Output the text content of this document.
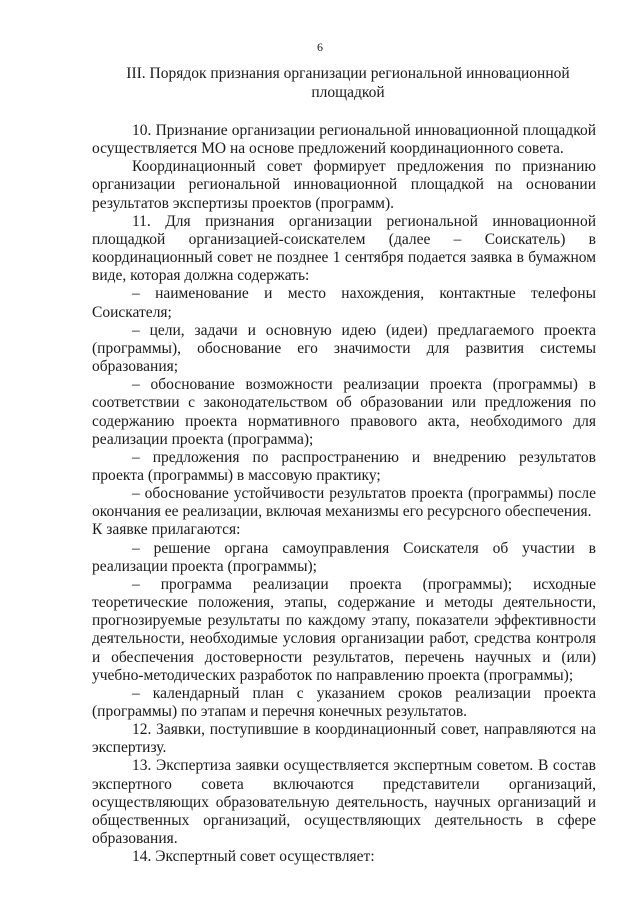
6
III. Порядок признания организации региональной инновационной площадкой

10. Признание организации региональной инновационной площадкой осуществляется МО на основе предложений координационного совета.

Координационный совет формирует предложения по признанию организации региональной инновационной площадкой на основании результатов экспертизы проектов (программ).

11. Для признания организации региональной инновационной площадкой организацией-соискателем (далее – Соискатель) в координационный совет не позднее 1 сентября подается заявка в бумажном виде, которая должна содержать:

– наименование и место нахождения, контактные телефоны Соискателя;

– цели, задачи и основную идею (идеи) предлагаемого проекта (программы), обоснование его значимости для развития системы образования;

– обоснование возможности реализации проекта (программы) в соответствии с законодательством об образовании или предложения по содержанию проекта нормативного правового акта, необходимого для реализации проекта (программа);

– предложения по распространению и внедрению результатов проекта (программы) в массовую практику;

– обоснование устойчивости результатов проекта (программы) после окончания ее реализации, включая механизмы его ресурсного обеспечения.

К заявке прилагаются:

– решение органа самоуправления Соискателя об участии в реализации проекта (программы);

– программа реализации проекта (программы); исходные теоретические положения, этапы, содержание и методы деятельности, прогнозируемые результаты по каждому этапу, показатели эффективности деятельности, необходимые условия организации работ, средства контроля и обеспечения достоверности результатов, перечень научных и (или) учебно-методических разработок по направлению проекта (программы);

– календарный план с указанием сроков реализации проекта (программы) по этапам и перечня конечных результатов.

12. Заявки, поступившие в координационный совет, направляются на экспертизу.

13. Экспертиза заявки осуществляется экспертным советом. В состав экспертного совета включаются представители организаций, осуществляющих образовательную деятельность, научных организаций и общественных организаций, осуществляющих деятельность в сфере образования.

14. Экспертный совет осуществляет:
